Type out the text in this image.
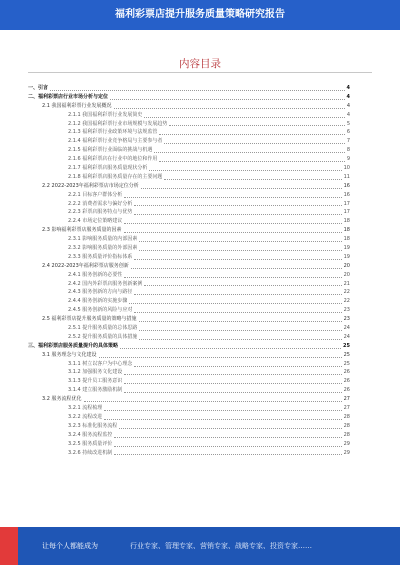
福利彩票店提升服务质量策略研究报告
内容目录
一、引言	4
二、福利彩票店行业市场分析与定位	4
2.1 我国福利彩票行业发展概况	4
2.1.1 我国福利彩票行业发展简史	4
2.1.2 我国福利彩票行业市场规模与发展趋势	5
2.1.3 福利彩票行业政策环境与法规监管	6
2.1.4 福利彩票行业竞争格局与主要参与者	7
2.1.5 福利彩票行业面临的挑战与机遇	8
2.1.6 福利彩票店在行业中的地位和作用	9
2.1.7 福利彩票店服务质量现状分析	10
2.1.8 福利彩票店服务质量存在的主要问题	11
2.2 2022-2023年福利彩票店市场定位分析	16
2.2.1 目标客户群体分析	16
2.2.2 消费者需求与偏好分析	17
2.2.3 彩票店服务特点与优势	17
2.2.4 市场定位策略建议	18
2.3 影响福利彩票店服务质量的因素	18
2.3.1 影响服务质量的内部因素	18
2.3.2 影响服务质量的外部因素	19
2.3.3 服务质量评价指标体系	19
2.4 2022-2023年福利彩票店服务创新	20
2.4.1 服务创新的必要性	20
2.4.2 国内外彩票店服务创新案例	21
2.4.3 服务创新的方向与路径	22
2.4.4 服务创新的实施步骤	22
2.4.5 服务创新的风险与应对	23
2.5 福利彩票店提升服务质量的策略与措施	23
2.5.1 提升服务质量的总体思路	24
2.5.2 提升服务质量的具体措施	24
三、福利彩票店服务质量提升的具体策略	25
3.1 服务理念与文化建设	25
3.1.1 树立以客户为中心理念	25
3.1.2 加强服务文化建设	26
3.1.3 提升员工服务意识	26
3.1.4 建立服务激励机制	26
3.2 服务流程优化	27
3.2.1 流程梳理	27
3.2.2 流程改进	28
3.2.3 标准化服务流程	28
3.2.4 服务流程监控	28
3.2.5 服务质量评价	29
3.2.6 持续改进机制	29
让每个人都能成为	行业专家、管理专家、营销专家、战略专家、投资专家……
